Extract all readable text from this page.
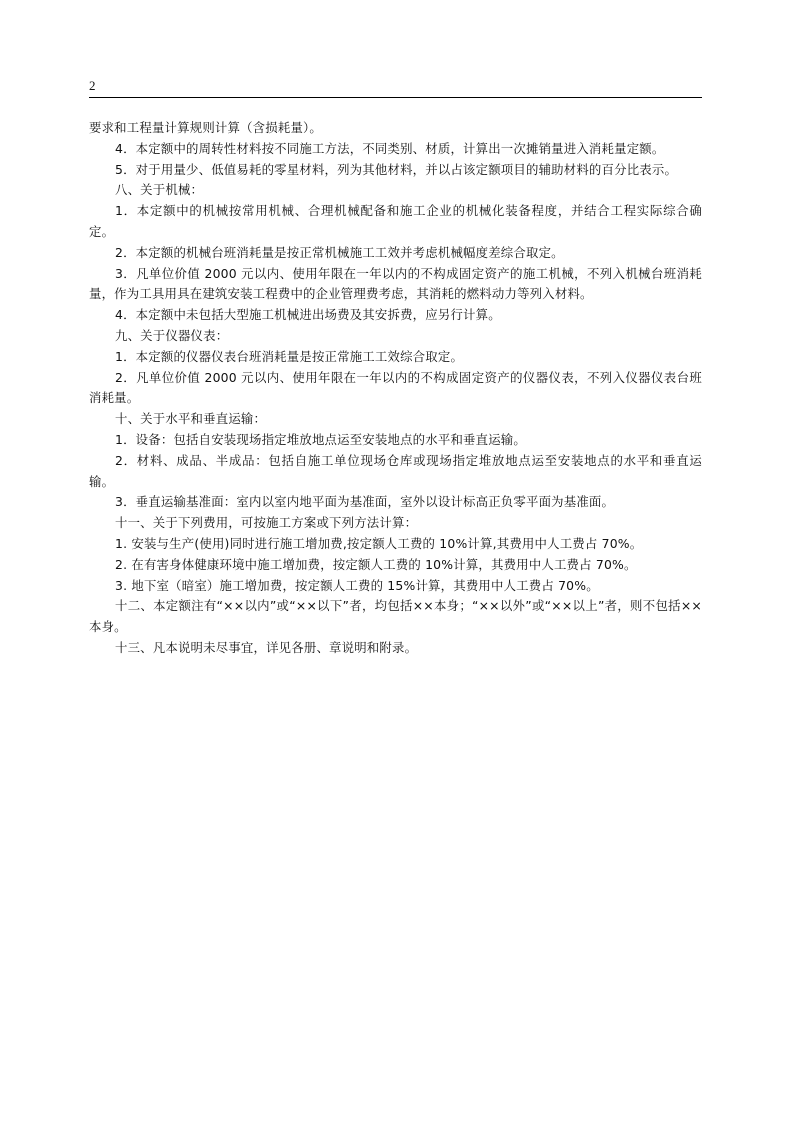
2

要求和工程量计算规则计算（含损耗量）。

4．本定额中的周转性材料按不同施工方法，不同类别、材质，计算出一次摊销量进入消耗量定额。

5．对于用量少、低值易耗的零星材料，列为其他材料，并以占该定额项目的辅助材料的百分比表示。

八、关于机械：

1．本定额中的机械按常用机械、合理机械配备和施工企业的机械化装备程度，并结合工程实际综合确定。

2．本定额的机械台班消耗量是按正常机械施工工效并考虑机械幅度差综合取定。

3．凡单位价值 2000 元以内、使用年限在一年以内的不构成固定资产的施工机械，不列入机械台班消耗量，作为工具用具在建筑安装工程费中的企业管理费考虑，其消耗的燃料动力等列入材料。

4．本定额中未包括大型施工机械进出场费及其安拆费，应另行计算。

九、关于仪器仪表：

1．本定额的仪器仪表台班消耗量是按正常施工工效综合取定。

2．凡单位价值 2000 元以内、使用年限在一年以内的不构成固定资产的仪器仪表，不列入仪器仪表台班消耗量。

十、关于水平和垂直运输：

1．设备：包括自安装现场指定堆放地点运至安装地点的水平和垂直运输。

2．材料、成品、半成品：包括自施工单位现场仓库或现场指定堆放地点运至安装地点的水平和垂直运输。

3．垂直运输基准面：室内以室内地平面为基准面，室外以设计标高正负零平面为基准面。

十一、关于下列费用，可按施工方案或下列方法计算：

1. 安装与生产(使用)同时进行施工增加费,按定额人工费的 10%计算,其费用中人工费占 70%。

2. 在有害身体健康环境中施工增加费，按定额人工费的 10%计算，其费用中人工费占 70%。

3. 地下室（暗室）施工增加费，按定额人工费的 15%计算，其费用中人工费占 70%。

十二、本定额注有“××以内”或“××以下”者，均包括××本身；“××以外”或“××以上”者，则不包括××本身。

十三、凡本说明未尽事宜，详见各册、章说明和附录。
